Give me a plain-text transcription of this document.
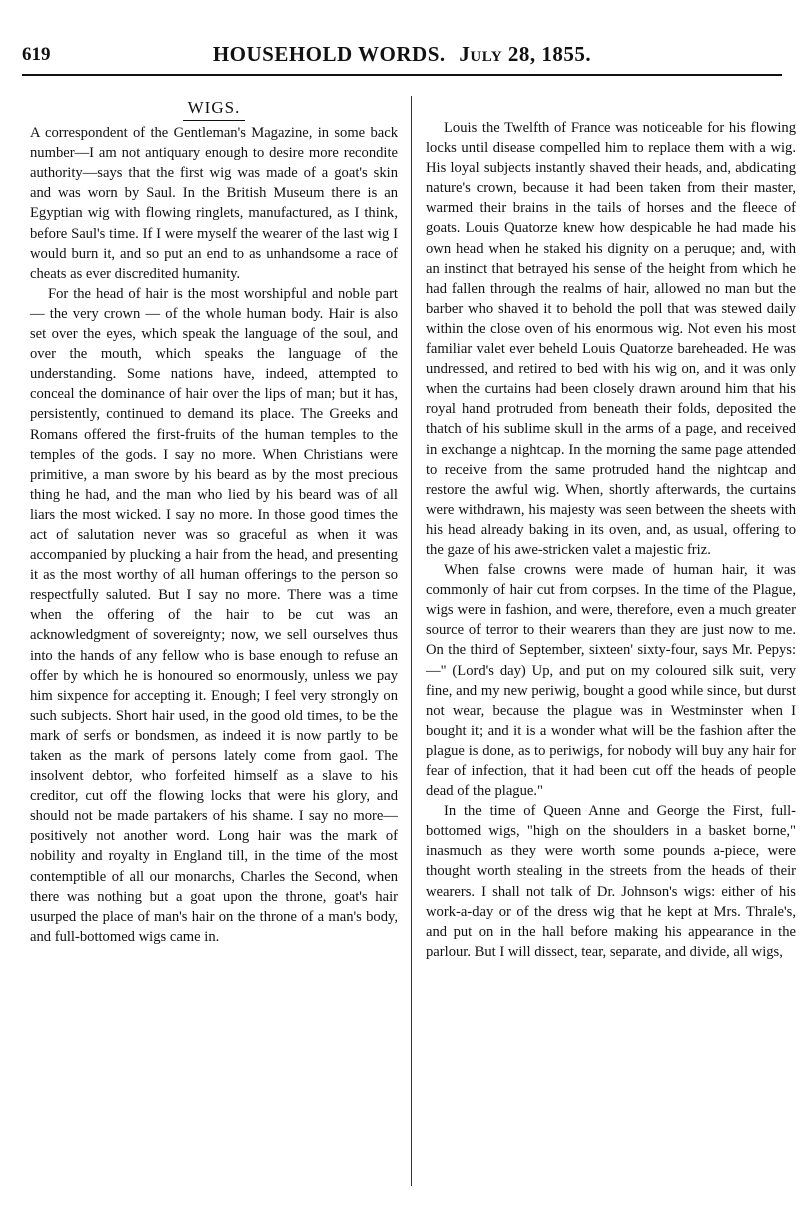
619	HOUSEHOLD WORDS. July 28, 1855.
WIGS.

A correspondent of the Gentleman's Magazine, in some back number—I am not antiquary enough to desire more recondite authority—says that the first wig was made of a goat's skin and was worn by Saul. In the British Museum there is an Egyptian wig with flowing ringlets, manufactured, as I think, before Saul's time. If I were myself the wearer of the last wig I would burn it, and so put an end to as unhandsome a race of cheats as ever discredited humanity.

For the head of hair is the most worshipful and noble part — the very crown — of the whole human body. Hair is also set over the eyes, which speak the language of the soul, and over the mouth, which speaks the language of the understanding. Some nations have, indeed, attempted to conceal the dominance of hair over the lips of man; but it has, persistently, continued to demand its place. The Greeks and Romans offered the first-fruits of the human temples to the temples of the gods. I say no more. When Christians were primitive, a man swore by his beard as by the most precious thing he had, and the man who lied by his beard was of all liars the most wicked. I say no more. In those good times the act of salutation never was so graceful as when it was accompanied by plucking a hair from the head, and presenting it as the most worthy of all human offerings to the person so respectfully saluted. But I say no more. There was a time when the offering of the hair to be cut was an acknowledgment of sovereignty; now, we sell ourselves thus into the hands of any fellow who is base enough to refuse an offer by which he is honoured so enormously, unless we pay him sixpence for accepting it. Enough; I feel very strongly on such subjects. Short hair used, in the good old times, to be the mark of serfs or bondsmen, as indeed it is now partly to be taken as the mark of persons lately come from gaol. The insolvent debtor, who forfeited himself as a slave to his creditor, cut off the flowing locks that were his glory, and should not be made partakers of his shame. I say no more—positively not another word. Long hair was the mark of nobility and royalty in England till, in the time of the most contemptible of all our monarchs, Charles the Second, when there was nothing but a goat upon the throne, goat's hair usurped the place of man's hair on the throne of a man's body, and full-bottomed wigs came in.

Louis the Twelfth of France was noticeable for his flowing locks until disease compelled him to replace them with a wig. His loyal subjects instantly shaved their heads, and, abdicating nature's crown, because it had been taken from their master, warmed their brains in the tails of horses and the fleece of goats. Louis Quatorze knew how despicable he had made his own head when he staked his dignity on a peruque; and, with an instinct that betrayed his sense of the height from which he had fallen through the realms of hair, allowed no man but the barber who shaved it to behold the poll that was stewed daily within the close oven of his enormous wig. Not even his most familiar valet ever beheld Louis Quatorze bareheaded. He was undressed, and retired to bed with his wig on, and it was only when the curtains had been closely drawn around him that his royal hand protruded from beneath their folds, deposited the thatch of his sublime skull in the arms of a page, and received in exchange a nightcap. In the morning the same page attended to receive from the same protruded hand the nightcap and restore the awful wig. When, shortly afterwards, the curtains were withdrawn, his majesty was seen between the sheets with his head already baking in its oven, and, as usual, offering to the gaze of his awe-stricken valet a majestic friz.

When false crowns were made of human hair, it was commonly of hair cut from corpses. In the time of the Plague, wigs were in fashion, and were, therefore, even a much greater source of terror to their wearers than they are just now to me. On the third of September, sixteen' sixty-four, says Mr. Pepys:—" (Lord's day) Up, and put on my coloured silk suit, very fine, and my new periwig, bought a good while since, but durst not wear, because the plague was in Westminster when I bought it; and it is a wonder what will be the fashion after the plague is done, as to periwigs, for nobody will buy any hair for fear of infection, that it had been cut off the heads of people dead of the plague."

In the time of Queen Anne and George the First, full-bottomed wigs, "high on the shoulders in a basket borne," inasmuch as they were worth some pounds a-piece, were thought worth stealing in the streets from the heads of their wearers. I shall not talk of Dr. Johnson's wigs: either of his work-a-day or of the dress wig that he kept at Mrs. Thrale's, and put on in the hall before making his appearance in the parlour. But I will dissect, tear, separate, and divide, all wigs,
